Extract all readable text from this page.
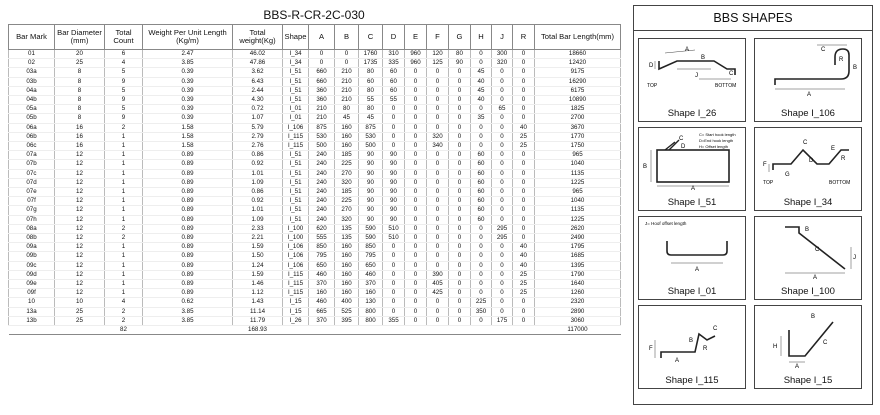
BBS-R-CR-2C-030
Bar Mark	Bar Diameter (mm)	Total Count	Weight Per Unit Length (Kg/m)	Total weight(Kg)	Shape	A	B	C	D	E	F	G	H	J	R	Total Bar Length(mm)
01	20	6	2.47	46.02	I_34	0	0	1760	310	960	120	80	0	300	0	18660
02	25	4	3.85	47.86	I_34	0	0	1735	335	960	125	90	0	320	0	12420
03a	8	5	0.39	3.62	I_51	660	210	80	60	0	0	0	45	0	0	9175
03b	8	9	0.39	6.43	I_51	660	210	60	60	0	0	0	40	0	0	16290
04a	8	5	0.39	2.44	I_51	360	210	80	60	0	0	0	45	0	0	6175
04b	8	9	0.39	4.30	I_51	360	210	55	55	0	0	0	40	0	0	10890
05a	8	5	0.39	0.72	I_01	210	80	80	0	0	0	0	0	65	0	1825
05b	8	9	0.39	1.07	I_01	210	45	45	0	0	0	0	35	0	0	2700
06a	16	2	1.58	5.79	I_106	875	160	875	0	0	0	0	0	0	40	3670
06b	16	1	1.58	2.79	I_115	530	160	530	0	0	320	0	0	0	25	1770
06c	16	1	1.58	2.76	I_115	500	160	500	0	0	340	0	0	0	25	1750
07a	12	1	0.89	0.86	I_51	240	185	90	90	0	0	0	60	0	0	965
07b	12	1	0.89	0.92	I_51	240	225	90	90	0	0	0	60	0	0	1040
07c	12	1	0.89	1.01	I_51	240	270	90	90	0	0	0	60	0	0	1135
07d	12	1	0.89	1.09	I_51	240	320	90	90	0	0	0	60	0	0	1225
07e	12	1	0.89	0.86	I_51	240	185	90	90	0	0	0	60	0	0	965
07f	12	1	0.89	0.92	I_51	240	225	90	90	0	0	0	60	0	0	1040
07g	12	1	0.89	1.01	I_51	240	270	90	90	0	0	0	60	0	0	1135
07h	12	1	0.89	1.09	I_51	240	320	90	90	0	0	0	60	0	0	1225
08a	12	2	0.89	2.33	I_100	620	135	590	510	0	0	0	0	295	0	2620
08b	12	2	0.89	2.21	I_100	555	135	590	510	0	0	0	0	295	0	2490
09a	12	1	0.89	1.59	I_106	850	160	850	0	0	0	0	0	0	40	1795
09b	12	1	0.89	1.50	I_106	795	160	795	0	0	0	0	0	0	40	1685
09c	12	1	0.89	1.24	I_106	650	160	650	0	0	0	0	0	0	40	1395
09d	12	1	0.89	1.59	I_115	460	160	460	0	0	390	0	0	0	25	1790
09e	12	1	0.89	1.46	I_115	370	160	370	0	0	405	0	0	0	25	1640
09f	12	1	0.89	1.12	I_115	160	160	160	0	0	425	0	0	0	25	1260
10	10	4	0.62	1.43	I_15	460	400	130	0	0	0	0	225	0	0	2320
13a	25	2	3.85	11.14	I_15	665	525	800	0	0	0	0	350	0	0	2890
13b	25	2	3.85	11.79	I_26	370	395	800	355	0	0	0	0	175	0	3060
		82		168.93												117000
BBS SHAPES
A
B
C
J
D
TOP	BOTTOM
Shape I_26
C
B
R
A
Shape I_106
C
D
B
A
C= Start hook length
D=End hook length
H= Offset length
Shape I_51
C
F
D
E
R
G
TOP	BOTTOM
Shape I_34
J= Hoof offset length
A
Shape I_01
B
C
J
A
Shape I_100
C
F
B
A
R
Shape I_115
B
H
A
C
Shape I_15
